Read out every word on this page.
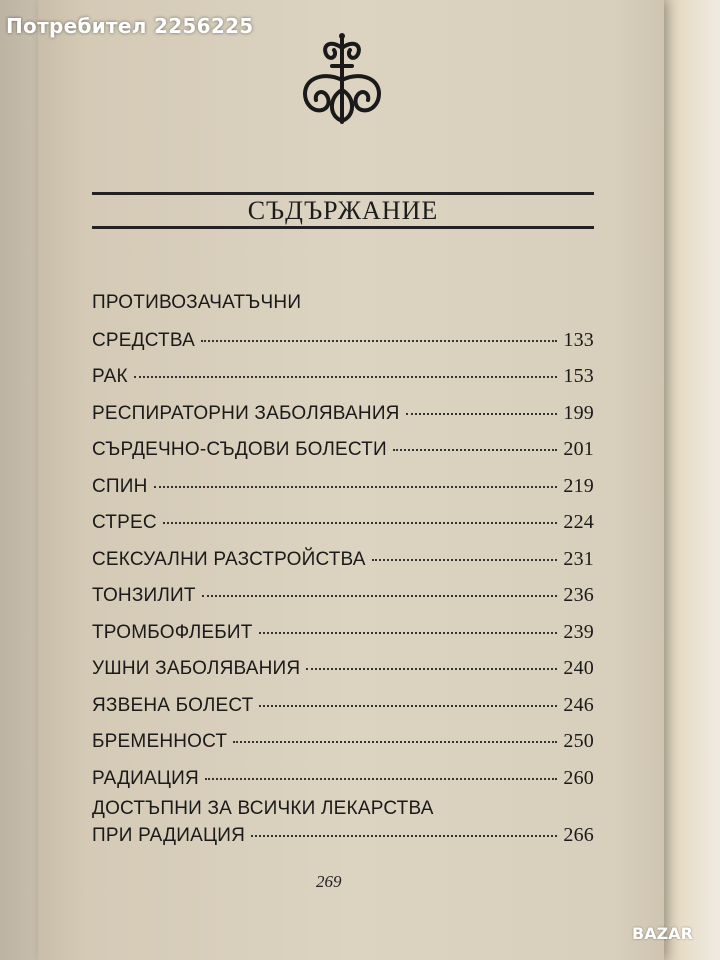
Потребител 2256225
СЪДЪРЖАНИЕ
ПРОТИВОЗАЧАТЪЧНИ
СРЕДСТВА	133
РАК	153
РЕСПИРАТОРНИ ЗАБОЛЯВАНИЯ	199
СЪРДЕЧНО-СЪДОВИ БОЛЕСТИ	201
СПИН	219
СТРЕС	224
СЕКСУАЛНИ РАЗСТРОЙСТВА	231
ТОНЗИЛИТ	236
ТРОМБОФЛЕБИТ	239
УШНИ ЗАБОЛЯВАНИЯ	240
ЯЗВЕНА БОЛЕСТ	246
БРЕМЕННОСТ	250
РАДИАЦИЯ	260
ДОСТЪПНИ ЗА ВСИЧКИ ЛЕКАРСТВА
ПРИ РАДИАЦИЯ	266
269
BAZAR
